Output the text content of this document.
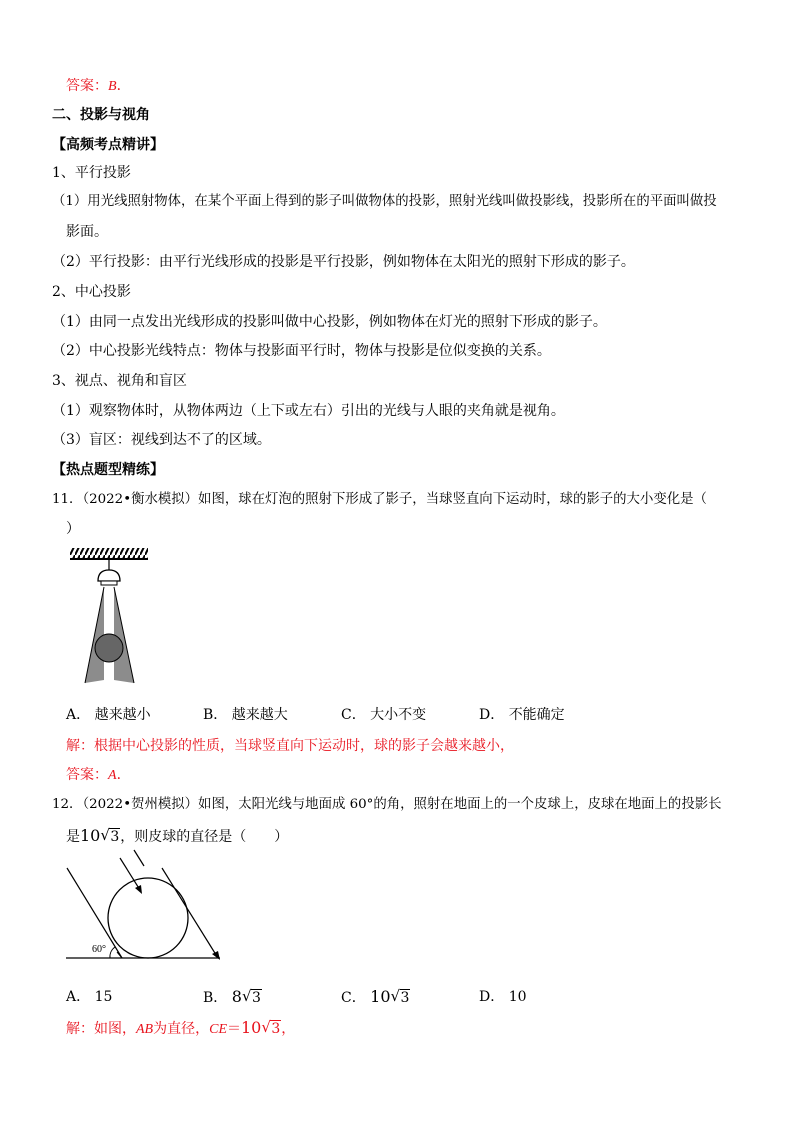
答案：B．
二、投影与视角
【高频考点精讲】
1、平行投影
（1）用光线照射物体，在某个平面上得到的影子叫做物体的投影，照射光线叫做投影线，投影所在的平面叫做投
影面。
（2）平行投影：由平行光线形成的投影是平行投影，例如物体在太阳光的照射下形成的影子。
2、中心投影
（1）由同一点发出光线形成的投影叫做中心投影，例如物体在灯光的照射下形成的影子。
（2）中心投影光线特点：物体与投影面平行时，物体与投影是位似变换的关系。
3、视点、视角和盲区
（1）观察物体时，从物体两边（上下或左右）引出的光线与人眼的夹角就是视角。
（3）盲区：视线到达不了的区域。
【热点题型精练】
11．（2022•衡水模拟）如图，球在灯泡的照射下形成了影子，当球竖直向下运动时，球的影子的大小变化是（
）
A． 越来越小	B． 越来越大	C． 大小不变	D． 不能确定
解：根据中心投影的性质，当球竖直向下运动时，球的影子会越来越小，
答案：A．
12．（2022•贺州模拟）如图，太阳光线与地面成 60°的角，照射在地面上的一个皮球上，皮球在地面上的投影长
是10 √ 3，则皮球的直径是（　　）
60°
A． 15	B． 8 √ 3	C． 10 √ 3	D． 10
解：如图，AB为直径，CE＝10 √ 3，
